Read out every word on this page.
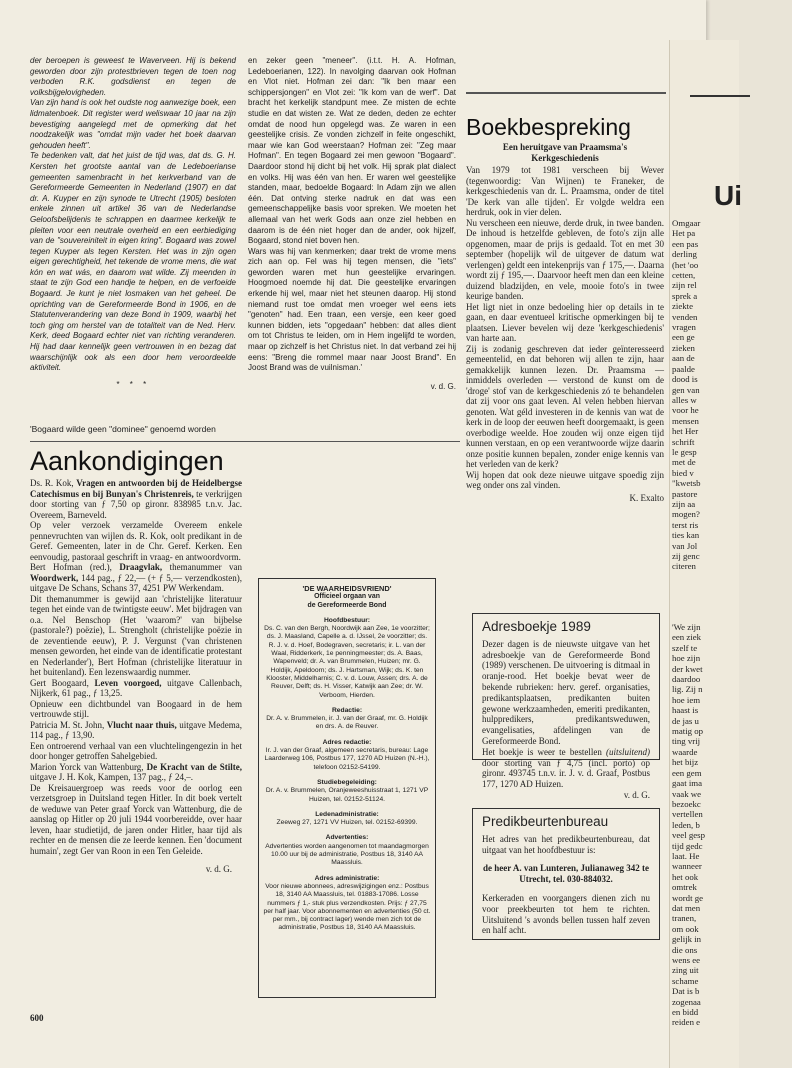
der beroepen is geweest te Waverveen. Hij is bekend geworden door zijn protestbrieven tegen de toen nog verboden R.K. godsdienst en tegen de volksbijgelovigheden.

Van zijn hand is ook het oudste nog aanwezige boek, een lidmatenboek. Dit register werd weliswaar 10 jaar na zijn bevestiging aangelegd met de opmerking dat het noodzakelijk was "omdat mijn vader het boek daarvan gehouden heeft".

Te bedenken valt, dat het juist de tijd was, dat ds. G. H. Kersten het grootste aantal van de Ledeboerianse gemeenten samenbracht in het kerkverband van de Gereformeerde Gemeenten in Nederland (1907) en dat dr. A. Kuyper en zijn synode te Utrecht (1905) besloten enkele zinnen uit artikel 36 van de Nederlandse Geloofsbelijdenis te schrappen en daarmee kerkelijk te pleiten voor een neutrale overheid en een eerbiediging van de "souvereiniteit in eigen kring". Bogaard was zowel tegen Kuyper als tegen Kersten. Het was in zijn ogen eigen gerechtigheid, het tekende de vrome mens, die wat kón en wat wás, en daarom wat wilde. Zij meenden in staat te zijn God een handje te helpen, en de verfoeide Bogaard. Je kunt je niet losmaken van het geheel. De oprichting van de Gereformeerde Bond in 1906, en de Statutenverandering van deze Bond in 1909, waarbij het toch ging om herstel van de totaliteit van de Ned. Herv. Kerk, deed Bogaard echter niet van richting veranderen. Hij had daar kennelijk geen vertrouwen in en bezag dat waarschijnlijk ook als een door hem veroordeelde aktiviteit.

* * *

en zeker geen "meneer". (i.t.t. H. A. Hofman, Ledeboerianen, 122). In navolging daarvan ook Hofman en Vlot niet. Hofman zei dan: "Ik ben maar een schippersjongen" en Vlot zei: "Ik kom van de werf". Dat bracht het kerkelijk standpunt mee. Ze misten de echte studie en dat wisten ze. Wat ze deden, deden ze echter omdat de nood hun opgelegd was. Ze waren in een geestelijke crisis. Ze vonden zichzelf in feite ongeschikt, maar wie kan God weerstaan? Hofman zei: "Zeg maar Hofman". En tegen Bogaard zei men gewoon "Bogaard". Daardoor stond hij dicht bij het volk. Hij sprak plat dialect en volks. Hij was één van hen. Er waren wel geestelijke standen, maar, bedoelde Bogaard: In Adam zijn we allen één. Dat ontving sterke nadruk en dat was een gemeenschappelijke basis voor spreken. We moeten het allemaal van het werk Gods aan onze ziel hebben en daarom is de één niet hoger dan de ander, ook hijzelf, Bogaard, stond niet boven hen.

Wars was hij van kenmerken; daar trekt de vrome mens zich aan op. Fel was hij tegen mensen, die "iets" geworden waren met hun geestelijke ervaringen. Hoogmoed noemde hij dat. Die geestelijke ervaringen erkende hij wel, maar niet het steunen daarop. Hij stond niemand rust toe omdat men vroeger wel eens iets "genoten" had. Een traan, een versje, een keer goed kunnen bidden, iets "opgedaan" hebben: dat alles dient om tot Christus te leiden, om in Hem ingelijfd te worden, maar op zichzelf is het Christus niet. In dat verband zei hij eens: "Breng die rommel maar naar Joost Brand". En Joost Brand was de vuilnisman.'

v. d. G.

'Bogaard wilde geen "dominee" genoemd worden
Aankondigingen

Ds. R. Kok, Vragen en antwoorden bij de Heidelbergse Catechismus en bij Bunyan's Christenreis, te verkrijgen door storting van ƒ 7,50 op gironr. 838985 t.n.v. Jac. Overeem, Barneveld.

Op veler verzoek verzamelde Overeem enkele pennevruchten van wijlen ds. R. Kok, oolt predikant in de Geref. Gemeenten, later in de Chr. Geref. Kerken. Een eenvoudig, pastoraal geschrift in vraag- en antwoordvorm.

Bert Hofman (red.), Draagvlak, themanummer van Woordwerk, 144 pag., ƒ 22,— (+ ƒ 5,— verzendkosten), uitgave De Schans, Schans 37, 4251 PW Werkendam.

Dit themanummer is gewijd aan 'christelijke literatuur tegen het einde van de twintigste eeuw'. Met bijdragen van o.a. Nel Benschop (Het 'waarom?' van bijbelse (pastorale?) poëzie), L. Strengholt (christelijke poëzie in de zeventiende eeuw), P. J. Vergunst ('van christenen mensen geworden, het einde van de identificatie protestant en Nederlander'), Bert Hofman (christelijke literatuur in het buitenland). Een lezenswaardig nummer.

Gert Boogaard, Leven voorgoed, uitgave Callenbach, Nijkerk, 61 pag., ƒ 13,25.

Opnieuw een dichtbundel van Boogaard in de hem vertrouwde stijl.

Patricia M. St. John, Vlucht naar thuis, uitgave Medema, 114 pag., ƒ 13,90.

Een ontroerend verhaal van een vluchtelingengezin in het door honger getroffen Sahelgebied.

Marion Yorck van Wattenburg, De Kracht van de Stilte, uitgave J. H. Kok, Kampen, 137 pag., ƒ 24,–.

De Kreisauergroep was reeds voor de oorlog een verzetsgroep in Duitsland tegen Hitler. In dit boek vertelt de weduwe van Peter graaf Yorck van Wattenburg, die de aanslag op Hitler op 20 juli 1944 voorbereidde, over haar leven, haar studietijd, de jaren onder Hitler, haar tijd als rechter en de mensen die ze leerde kennen. Een 'document humain', zegt Ger van Roon in een Ten Geleide.

v. d. G.

'DE WAARHEIDSVRIEND'

Officieel orgaan van
de Gereformeerde Bond

Hoofdbestuur:

Ds. C. van den Bergh, Noordwijk aan Zee, 1e voorzitter; ds. J. Maasland, Capelle a. d. IJssel, 2e voorzitter; ds. R. J. v. d. Hoef, Bodegraven, secretaris; ir. L. van der Waal, Ridderkerk, 1e penningmeester; ds. A. Baas, Wapenveld; dr. A. van Brummelen, Huizen; mr. G. Holdijk, Apeldoorn; ds. J. Hartsman, Wijk; ds. K. ten Klooster, Middelharnis; C. v. d. Louw, Assen; drs. A. de Reuver, Delft; ds. H. Visser, Katwijk aan Zee; dr. W. Verboom, Hierden.

Redactie:

Dr. A. v. Brummelen, ir. J. van der Graaf, mr. G. Holdijk en drs. A. de Reuver.

Adres redactie:

Ir. J. van der Graaf, algemeen secretaris, bureau: Lage Laarderweg 106, Postbus 177, 1270 AD Huizen (N.-H.), telefoon 02152-54199.

Studiebegeleiding:

Dr. A. v. Brummelen, Oranjeweeshuisstraat 1, 1271 VP Huizen, tel. 02152-51124.

Ledenadministratie:

Zeeweg 27, 1271 VV Huizen, tel. 02152-69399.

Advertenties:

Advertenties worden aangenomen tot maandagmorgen 10.00 uur bij de administratie, Postbus 18, 3140 AA Maassluis.

Adres administratie:

Voor nieuwe abonnees, adreswijzigingen enz.: Postbus 18, 3140 AA Maassluis, tel. 01883-17086. Losse nummers ƒ 1,- stuk plus verzendkosten. Prijs: ƒ 27,75 per half jaar. Voor abonnementen en advertenties (50 ct. per mm., bij contract lager) wende men zich tot de administratie, Postbus 18, 3140 AA Maassluis.

Boekbespreking

Een heruitgave van Praamsma's Kerkgeschiedenis

Van 1979 tot 1981 verscheen bij Wever (tegenwoordig: Van Wijnen) te Franeker, de kerkgeschiedenis van dr. L. Praamsma, onder de titel 'De kerk van alle tijden'. Er volgde weldra een herdruk, ook in vier delen.

Nu verscheen een nieuwe, derde druk, in twee banden. De inhoud is hetzelfde gebleven, de foto's zijn alle opgenomen, maar de prijs is gedaald. Tot en met 30 september (hopelijk wil de uitgever de datum wat verlengen) geldt een intekenprijs van ƒ 175,—. Daarna wordt zij ƒ 195,—. Daarvoor heeft men dan een kleine duizend bladzijden, en vele, mooie foto's in twee keurige banden.

Het ligt niet in onze bedoeling hier op details in te gaan, en daar eventueel kritische opmerkingen bij te plaatsen. Liever bevelen wij deze 'kerkgeschiedenis' van harte aan.

Zij is zodanig geschreven dat ieder geïnteresseerd gemeentelid, en dat behoren wij allen te zijn, haar gemakkelijk kunnen lezen. Dr. Praamsma — inmiddels overleden — verstond de kunst om de 'droge' stof van de kerkgeschiedenis zó te behandelen dat zij voor ons gaat leven. Al velen hebben hiervan genoten. Wat géld investeren in de kennis van wat de kerk in de loop der eeuwen heeft doorgemaakt, is geen overbodige weelde. Hoe zouden wij onze eigen tijd kunnen verstaan, en op een verantwoorde wijze daarin onze positie kunnen bepalen, zonder enige kennis van het verleden van de kerk?

Wij hopen dat ook deze nieuwe uitgave spoedig zijn weg onder ons zal vinden.

K. Exalto

Adresboekje 1989

Dezer dagen is de nieuwste uitgave van het adresboekje van de Gereformeerde Bond (1989) verschenen. De uitvoering is ditmaal in oranje-rood. Het boekje bevat weer de bekende rubrieken: herv. geref. organisaties, predikantsplaatsen, predikanten buiten gewone werkzaamheden, emeriti predikanten, hulppredikers, predikantsweduwen, evangelisaties, afdelingen van de Gereformeerde Bond.

Het boekje is weer te bestellen (uitsluitend) door storting van ƒ 4,75 (incl. porto) op gironr. 493745 t.n.v. ir. J. v. d. Graaf, Postbus 177, 1270 AD Huizen.

v. d. G.

Predikbeurtenbureau

Het adres van het predikbeurtenbureau, dat uitgaat van het hoofdbestuur is:

de heer A. van Lunteren, Julianaweg 342 te Utrecht, tel. 030-884032.

Kerkeraden en voorgangers dienen zich nu voor preekbeurten tot hem te richten. Uitsluitend 's avonds bellen tussen half zeven en half acht.

600
Ui
Omgaar
Het pa
een pas
derling
(het 'oo
cetten,
zijn rel
sprek a
ziekte
venden
vragen
een ge
zieken
aan de
paalde
dood is
gen van
alles w
voor he
mensen
het Her
schrift
le gesp
met de
bied v
"kwetsb
pastore
zijn aa
mogen?
terst ris
ties kan
van Jol
zij genc
citeren
'We zijn
een ziek
szelf te
hoe zijn
der kwet
daardoo
lig. Zij n
hoe iem
haast is
de jas u
matig op
ting vrij
waarde
het bijz
een gem
gaat ima
vaak we
bezoekc
vertellen
leden, b
veel gesp
tijd gedc
laat. He
wanneer
het ook
omtrek
wordt ge
dat men
tranen,
om ook
gelijk in
die ons
wens ee
zing uit
schame
Dat is b
zogenaa
en bidd
reiden e
